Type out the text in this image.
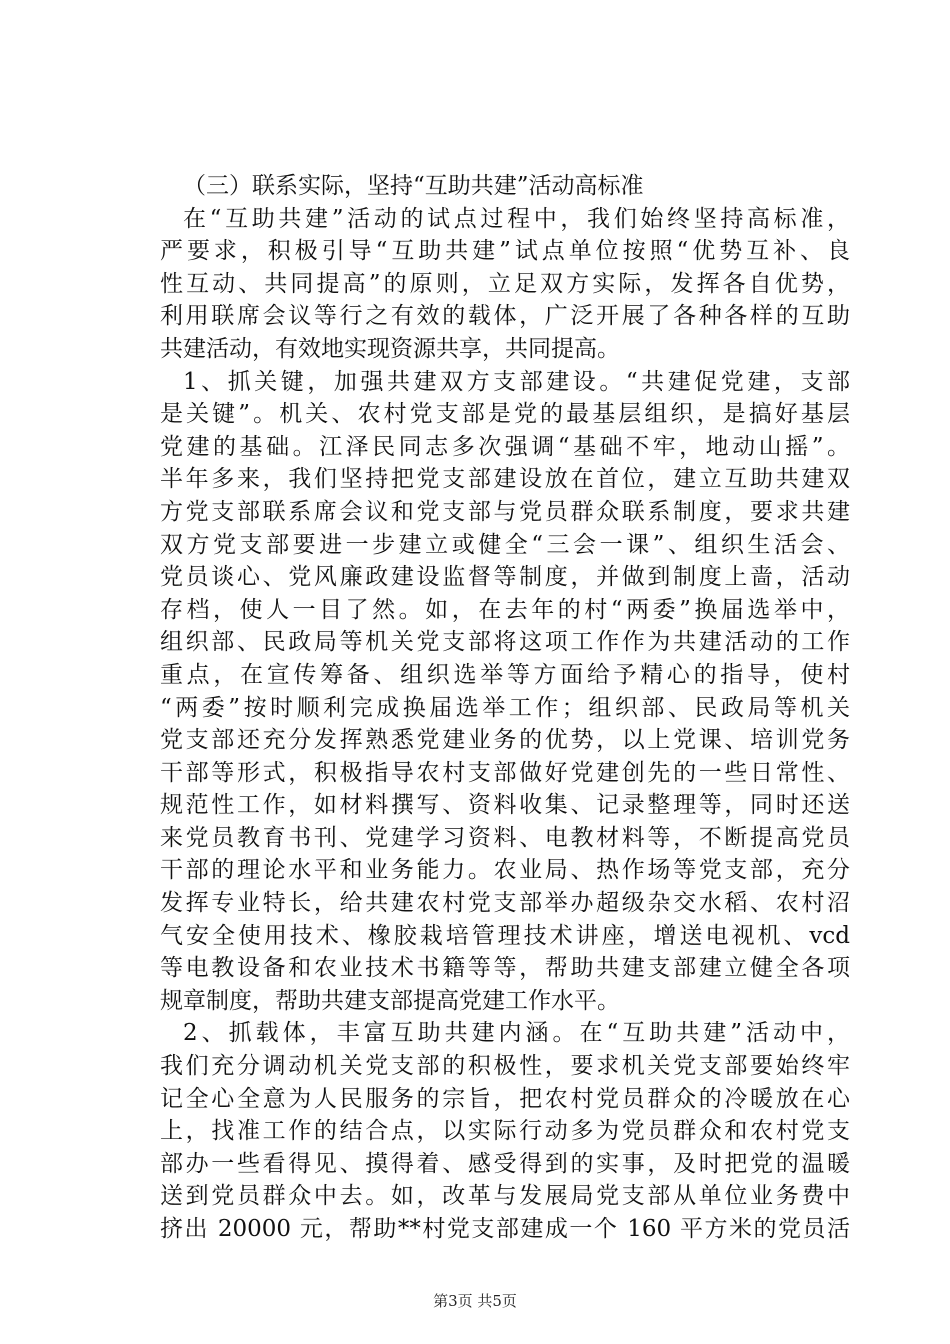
（三）联系实际，坚持“互助共建”活动高标准
在“互助共建”活动的试点过程中，我们始终坚持高标准，
严要求，积极引导“互助共建”试点单位按照“优势互补、良
性互动、共同提高”的原则，立足双方实际，发挥各自优势，
利用联席会议等行之有效的载体，广泛开展了各种各样的互助
共建活动，有效地实现资源共享，共同提高。
1、抓关键，加强共建双方支部建设。“共建促党建，支部
是关键”。机关、农村党支部是党的最基层组织，是搞好基层
党建的基础。江泽民同志多次强调“基础不牢，地动山摇”。
半年多来，我们坚持把党支部建设放在首位，建立互助共建双
方党支部联系席会议和党支部与党员群众联系制度，要求共建
双方党支部要进一步建立或健全“三会一课”、组织生活会、
党员谈心、党风廉政建设监督等制度，并做到制度上啬，活动
存档，使人一目了然。如，在去年的村“两委”换届选举中，
组织部、民政局等机关党支部将这项工作作为共建活动的工作
重点，在宣传筹备、组织选举等方面给予精心的指导，使村
“两委”按时顺利完成换届选举工作；组织部、民政局等机关
党支部还充分发挥熟悉党建业务的优势，以上党课、培训党务
干部等形式，积极指导农村支部做好党建创先的一些日常性、
规范性工作，如材料撰写、资料收集、记录整理等，同时还送
来党员教育书刊、党建学习资料、电教材料等，不断提高党员
干部的理论水平和业务能力。农业局、热作场等党支部，充分
发挥专业特长，给共建农村党支部举办超级杂交水稻、农村沼
气安全使用技术、橡胶栽培管理技术讲座，增送电视机、vcd
等电教设备和农业技术书籍等等，帮助共建支部建立健全各项
规章制度，帮助共建支部提高党建工作水平。
2、抓载体，丰富互助共建内涵。在“互助共建”活动中，
我们充分调动机关党支部的积极性，要求机关党支部要始终牢
记全心全意为人民服务的宗旨，把农村党员群众的冷暖放在心
上，找准工作的结合点，以实际行动多为党员群众和农村党支
部办一些看得见、摸得着、感受得到的实事，及时把党的温暖
送到党员群众中去。如，改革与发展局党支部从单位业务费中
挤出 20000 元，帮助**村党支部建成一个 160 平方米的党员活
第3页 共5页
